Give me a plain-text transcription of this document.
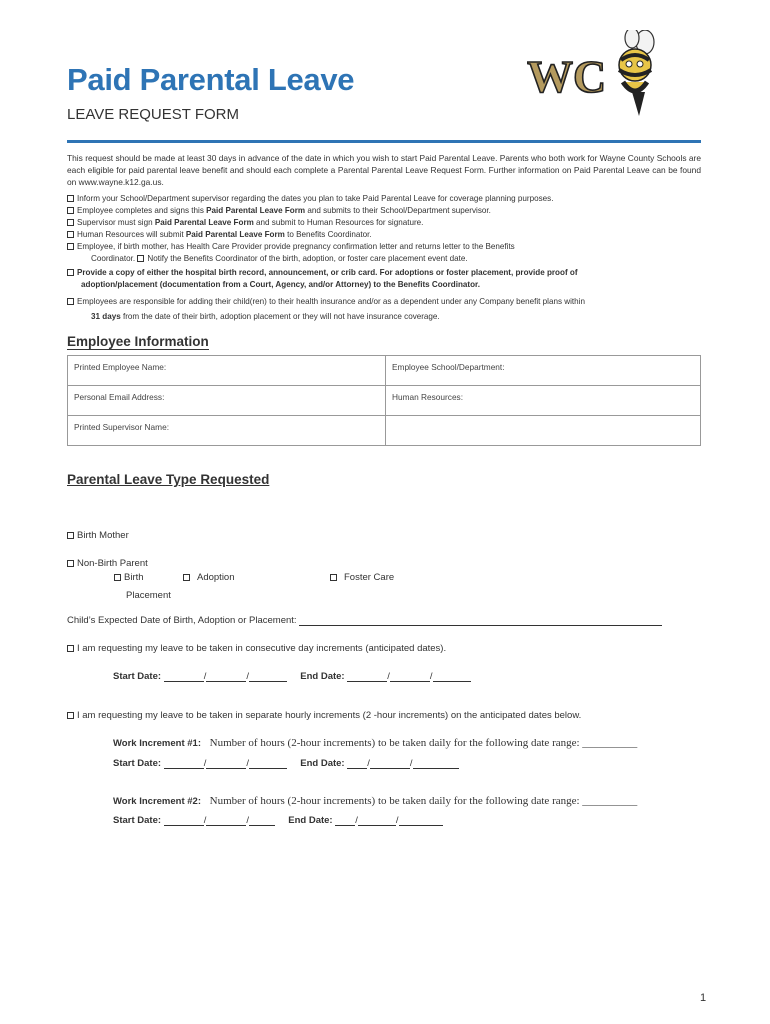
Paid Parental Leave
LEAVE REQUEST FORM
WC
This request should be made at least 30 days in advance of the date in which you wish to start Paid Parental Leave. Parents who both work for Wayne County Schools are each eligible for paid parental leave benefit and should each complete a Parental Parental Leave Request Form. Further information on Paid Parental Leave can be found on www.wayne.k12.ga.us.
Inform your School/Department supervisor regarding the dates you plan to take Paid Parental Leave for coverage planning purposes.
Employee completes and signs this Paid Parental Leave Form and submits to their School/Department supervisor.
Supervisor must sign Paid Parental Leave Form and submit to Human Resources for signature.
Human Resources will submit Paid Parental Leave Form to Benefits Coordinator.
Employee, if birth mother, has Health Care Provider provide pregnancy confirmation letter and returns letter to the Benefits
Coordinator. Notify the Benefits Coordinator of the birth, adoption, or foster care placement event date.
Provide a copy of either the hospital birth record, announcement, or crib card. For adoptions or foster placement, provide proof of
adoption/placement (documentation from a Court, Agency, and/or Attorney) to the Benefits Coordinator.
Employees are responsible for adding their child(ren) to their health insurance and/or as a dependent under any Company benefit plans within
31 days from the date of their birth, adoption placement or they will not have insurance coverage.
Employee Information
Printed Employee Name:	Employee School/Department:
Personal Email Address:	Human Resources:
Printed Supervisor Name:	
Parental Leave Type Requested
Birth Mother
Non-Birth Parent
Birth
Placement
Adoption	Foster Care
Child’s Expected Date of Birth, Adoption or Placement:
I am requesting my leave to be taken in consecutive day increments (anticipated dates).
Start Date:	/	/	End Date:	/	/
I am requesting my leave to be taken in separate hourly increments (2 -hour increments) on the anticipated dates below.
Work Increment #1: Number of hours (2-hour increments) to be taken daily for the following date range: __________
Start Date:	/	/	End Date: /	/
Work Increment #2: Number of hours (2-hour increments) to be taken daily for the following date range: __________
Start Date:	/	/	End Date: /	/
1
